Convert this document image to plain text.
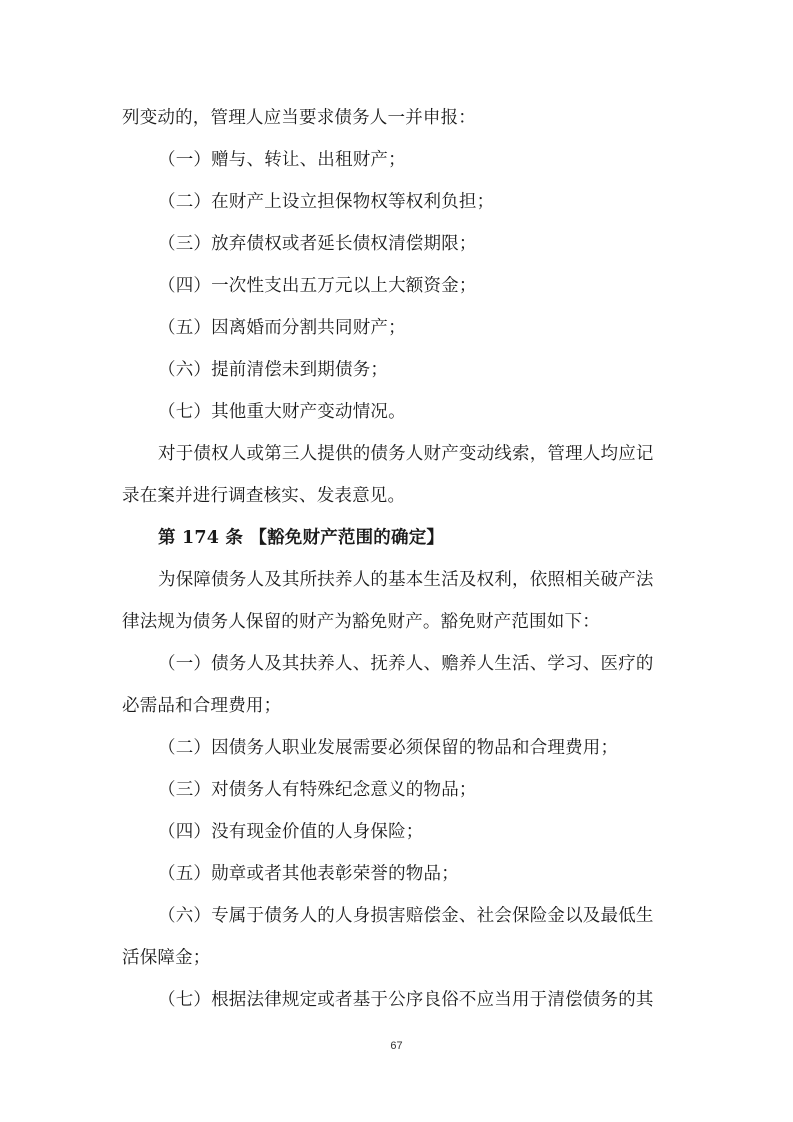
列变动的，管理人应当要求债务人一并申报：
（一）赠与、转让、出租财产；
（二）在财产上设立担保物权等权利负担；
（三）放弃债权或者延长债权清偿期限；
（四）一次性支出五万元以上大额资金；
（五）因离婚而分割共同财产；
（六）提前清偿未到期债务；
（七）其他重大财产变动情况。
对于债权人或第三人提供的债务人财产变动线索，管理人均应记
录在案并进行调查核实、发表意见。
第 174 条 【豁免财产范围的确定】
为保障债务人及其所扶养人的基本生活及权利，依照相关破产法
律法规为债务人保留的财产为豁免财产。豁免财产范围如下：
（一）债务人及其扶养人、抚养人、赡养人生活、学习、医疗的
必需品和合理费用；
（二）因债务人职业发展需要必须保留的物品和合理费用；
（三）对债务人有特殊纪念意义的物品；
（四）没有现金价值的人身保险；
（五）勋章或者其他表彰荣誉的物品；
（六）专属于债务人的人身损害赔偿金、社会保险金以及最低生
活保障金；
（七）根据法律规定或者基于公序良俗不应当用于清偿债务的其
67
